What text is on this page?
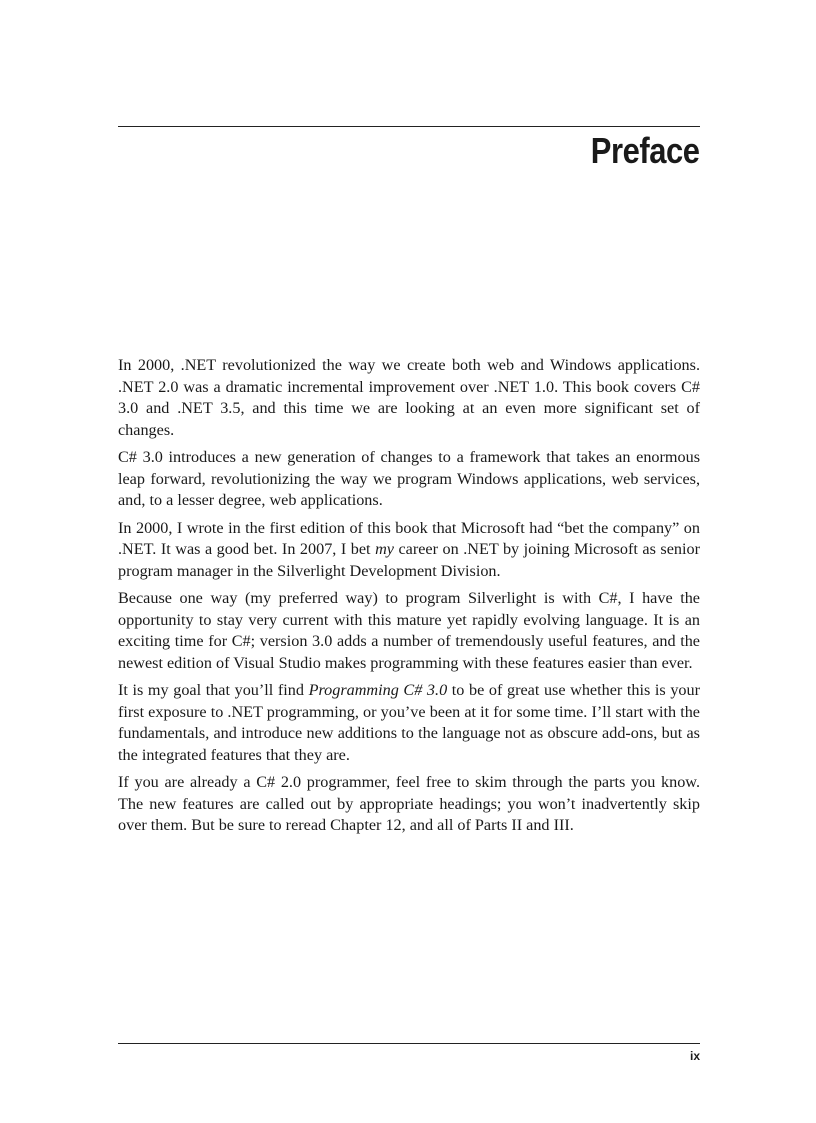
Preface

In 2000, .NET revolutionized the way we create both web and Windows applications. .NET 2.0 was a dramatic incremental improvement over .NET 1.0. This book covers C# 3.0 and .NET 3.5, and this time we are looking at an even more significant set of changes.

C# 3.0 introduces a new generation of changes to a framework that takes an enormous leap forward, revolutionizing the way we program Windows applications, web services, and, to a lesser degree, web applications.

In 2000, I wrote in the first edition of this book that Microsoft had “bet the company” on .NET. It was a good bet. In 2007, I bet my career on .NET by joining Microsoft as senior program manager in the Silverlight Development Division.

Because one way (my preferred way) to program Silverlight is with C#, I have the opportunity to stay very current with this mature yet rapidly evolving language. It is an exciting time for C#; version 3.0 adds a number of tremendously useful features, and the newest edition of Visual Studio makes programming with these features easier than ever.

It is my goal that you’ll find Programming C# 3.0 to be of great use whether this is your first exposure to .NET programming, or you’ve been at it for some time. I’ll start with the fundamentals, and introduce new additions to the language not as obscure add-ons, but as the integrated features that they are.

If you are already a C# 2.0 programmer, feel free to skim through the parts you know. The new features are called out by appropriate headings; you won’t inadvertently skip over them. But be sure to reread Chapter 12, and all of Parts II and III.

ix
